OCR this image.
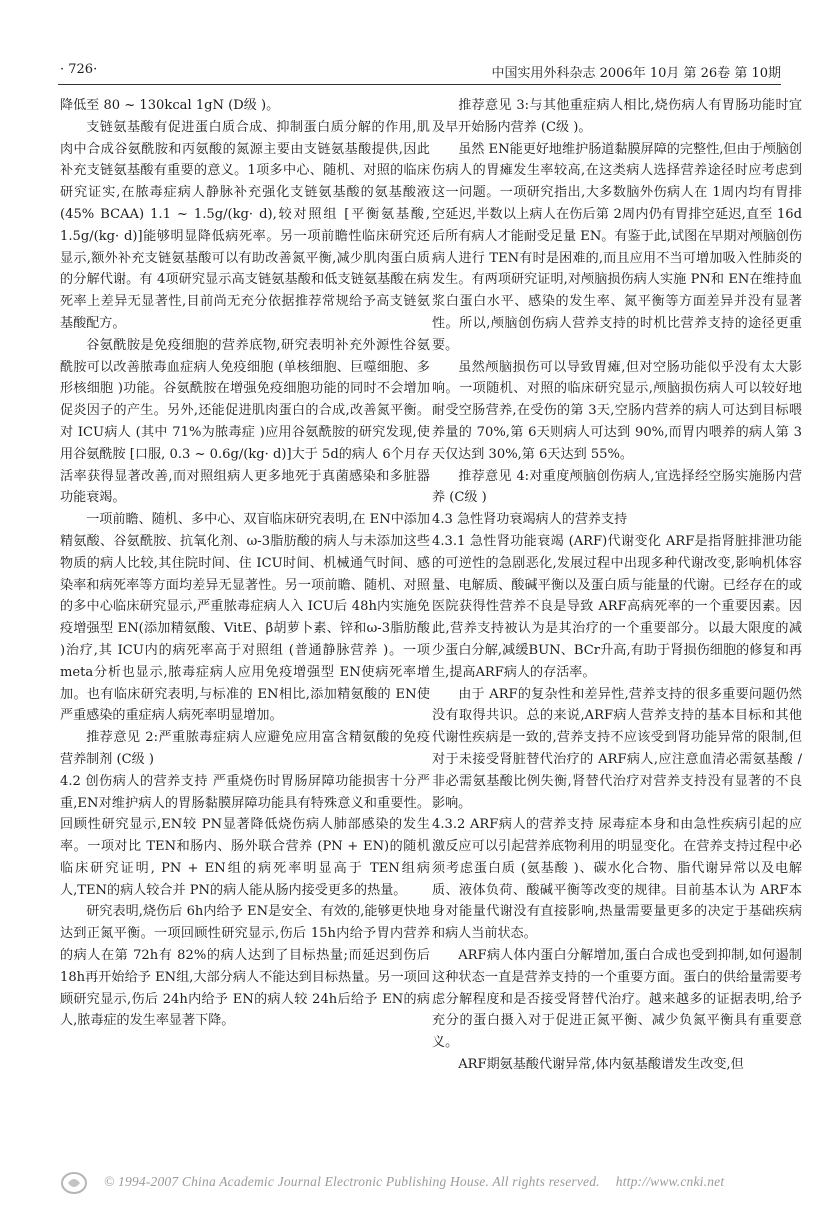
· 726·	中国实用外科杂志 2006年 10月 第 26卷 第 10期

降低至 80 ~ 130kcal 1gN (D级 )。

支链氨基酸有促进蛋白质合成、抑制蛋白质分解的作用,肌肉中合成谷氨酰胺和丙氨酸的氮源主要由支链氨基酸提供,因此补充支链氨基酸有重要的意义。1项多中心、随机、对照的临床研究证实,在脓毒症病人静脉补充强化支链氨基酸的氨基酸液 (45% BCAA) 1.1 ~ 1.5g/(kg· d),较对照组 [平衡氨基酸, 1.5g/(kg· d)]能够明显降低病死率。另一项前瞻性临床研究还显示,额外补充支链氨基酸可以有助改善氮平衡,减少肌肉蛋白质的分解代谢。有 4项研究显示高支链氨基酸和低支链氨基酸在病死率上差异无显著性,目前尚无充分依据推荐常规给予高支链氨基酸配方。

谷氨酰胺是免疫细胞的营养底物,研究表明补充外源性谷氨酰胺可以改善脓毒血症病人免疫细胞 (单核细胞、巨噬细胞、多形核细胞 )功能。谷氨酰胺在增强免疫细胞功能的同时不会增加促炎因子的产生。另外,还能促进肌肉蛋白的合成,改善氮平衡。对 ICU病人 (其中 71%为脓毒症 )应用谷氨酰胺的研究发现,使用谷氨酰胺 [口服, 0.3 ~ 0.6g/(kg· d)]大于 5d的病人 6个月存活率获得显著改善,而对照组病人更多地死于真菌感染和多脏器功能衰竭。

一项前瞻、随机、多中心、双盲临床研究表明,在 EN中添加精氨酸、谷氨酰胺、抗氧化剂、ω-3脂肪酸的病人与未添加这些物质的病人比较,其住院时间、住 ICU时间、机械通气时间、感染率和病死率等方面均差异无显著性。另一项前瞻、随机、对照的多中心临床研究显示,严重脓毒症病人入 ICU后 48h内实施免疫增强型 EN(添加精氨酸、VitE、β胡萝卜素、锌和ω-3脂肪酸 )治疗,其 ICU内的病死率高于对照组 (普通静脉营养 )。一项 meta分析也显示,脓毒症病人应用免疫增强型 EN使病死率增加。也有临床研究表明,与标准的 EN相比,添加精氨酸的 EN使严重感染的重症病人病死率明显增加。

推荐意见 2:严重脓毒症病人应避免应用富含精氨酸的免疫营养制剂 (C级 )

4.2 创伤病人的营养支持 严重烧伤时胃肠屏障功能损害十分严重,EN对维护病人的胃肠黏膜屏障功能具有特殊意义和重要性。回顾性研究显示,EN较 PN显著降低烧伤病人肺部感染的发生率。一项对比 TEN和肠内、肠外联合营养 (PN + EN)的随机临床研究证明, PN + EN组的病死率明显高于 TEN组病人,TEN的病人较合并 PN的病人能从肠内接受更多的热量。

研究表明,烧伤后 6h内给予 EN是安全、有效的,能够更快地达到正氮平衡。一项回顾性研究显示,伤后 15h内给予胃内营养的病人在第 72h有 82%的病人达到了目标热量;而延迟到伤后 18h再开始给予 EN组,大部分病人不能达到目标热量。另一项回顾研究显示,伤后 24h内给予 EN的病人较 24h后给予 EN的病人,脓毒症的发生率显著下降。

推荐意见 3:与其他重症病人相比,烧伤病人有胃肠功能时宜及早开始肠内营养 (C级 )。

虽然 EN能更好地维护肠道黏膜屏障的完整性,但由于颅脑创伤病人的胃瘫发生率较高,在这类病人选择营养途径时应考虑到这一问题。一项研究指出,大多数脑外伤病人在 1周内均有胃排空延迟,半数以上病人在伤后第 2周内仍有胃排空延迟,直至 16d后所有病人才能耐受足量 EN。有鉴于此,试图在早期对颅脑创伤病人进行 TEN有时是困难的,而且应用不当可增加吸入性肺炎的发生。有两项研究证明,对颅脑损伤病人实施 PN和 EN在维持血浆白蛋白水平、感染的发生率、氮平衡等方面差异并没有显著性。所以,颅脑创伤病人营养支持的时机比营养支持的途径更重要。

虽然颅脑损伤可以导致胃瘫,但对空肠功能似乎没有太大影响。一项随机、对照的临床研究显示,颅脑损伤病人可以较好地耐受空肠营养,在受伤的第 3天,空肠内营养的病人可达到目标喂养量的 70%,第 6天则病人可达到 90%,而胃内喂养的病人第 3天仅达到 30%,第 6天达到 55%。

推荐意见 4:对重度颅脑创伤病人,宜选择经空肠实施肠内营养 (C级 )

4.3 急性肾功衰竭病人的营养支持

4.3.1 急性肾功能衰竭 (ARF)代谢变化 ARF是指肾脏排泄功能的可逆性的急剧恶化,发展过程中出现多种代谢改变,影响机体容量、电解质、酸碱平衡以及蛋白质与能量的代谢。已经存在的或医院获得性营养不良是导致 ARF高病死率的一个重要因素。因此,营养支持被认为是其治疗的一个重要部分。以最大限度的减少蛋白分解,减缓BUN、BCr升高,有助于肾损伤细胞的修复和再生,提高ARF病人的存活率。

由于 ARF的复杂性和差异性,营养支持的很多重要问题仍然没有取得共识。总的来说,ARF病人营养支持的基本目标和其他代谢性疾病是一致的,营养支持不应该受到肾功能异常的限制,但对于未接受肾脏替代治疗的 ARF病人,应注意血清必需氨基酸 /非必需氨基酸比例失衡,肾替代治疗对营养支持没有显著的不良影响。

4.3.2 ARF病人的营养支持 尿毒症本身和由急性疾病引起的应激反应可以引起营养底物利用的明显变化。在营养支持过程中必须考虑蛋白质 (氨基酸 )、碳水化合物、脂代谢异常以及电解质、液体负荷、酸碱平衡等改变的规律。目前基本认为 ARF本身对能量代谢没有直接影响,热量需要量更多的决定于基础疾病和病人当前状态。

ARF病人体内蛋白分解增加,蛋白合成也受到抑制,如何遏制这种状态一直是营养支持的一个重要方面。蛋白的供给量需要考虑分解程度和是否接受肾替代治疗。越来越多的证据表明,给予充分的蛋白摄入对于促进正氮平衡、减少负氮平衡具有重要意义。

ARF期氨基酸代谢异常,体内氨基酸谱发生改变,但

© 1994-2007 China Academic Journal Electronic Publishing House. All rights reserved. http://www.cnki.net
